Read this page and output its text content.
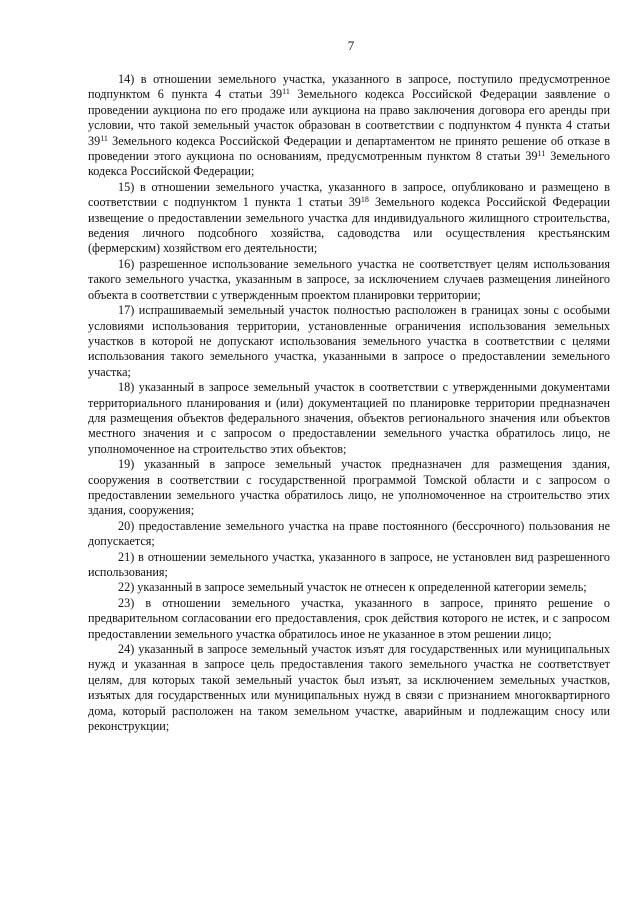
7

14) в отношении земельного участка, указанного в запросе, поступило предусмотренное подпунктом 6 пункта 4 статьи $39^{11}$ Земельного кодекса Российской Федерации заявление о проведении аукциона по его продаже или аукциона на право заключения договора его аренды при условии, что такой земельный участок образован в соответствии с подпунктом 4 пункта 4 статьи $39^{11}$ Земельного кодекса Российской Федерации и департаментом не принято решение об отказе в проведении этого аукциона по основаниям, предусмотренным пунктом 8 статьи $39^{11}$ Земельного кодекса Российской Федерации;

15) в отношении земельного участка, указанного в запросе, опубликовано и размещено в соответствии с подпунктом 1 пункта 1 статьи $39^{18}$ Земельного кодекса Российской Федерации извещение о предоставлении земельного участка для индивидуального жилищного строительства, ведения личного подсобного хозяйства, садоводства или осуществления крестьянским (фермерским) хозяйством его деятельности;

16) разрешенное использование земельного участка не соответствует целям использования такого земельного участка, указанным в запросе, за исключением случаев размещения линейного объекта в соответствии с утвержденным проектом планировки территории;

17) испрашиваемый земельный участок полностью расположен в границах зоны с особыми условиями использования территории, установленные ограничения использования земельных участков в которой не допускают использования земельного участка в соответствии с целями использования такого земельного участка, указанными в запросе о предоставлении земельного участка;

18) указанный в запросе земельный участок в соответствии с утвержденными документами территориального планирования и (или) документацией по планировке территории предназначен для размещения объектов федерального значения, объектов регионального значения или объектов местного значения и с запросом о предоставлении земельного участка обратилось лицо, не уполномоченное на строительство этих объектов;

19) указанный в запросе земельный участок предназначен для размещения здания, сооружения в соответствии с государственной программой Томской области и с запросом о предоставлении земельного участка обратилось лицо, не уполномоченное на строительство этих здания, сооружения;

20) предоставление земельного участка на праве постоянного (бессрочного) пользования не допускается;

21) в отношении земельного участка, указанного в запросе, не установлен вид разрешенного использования;

22) указанный в запросе земельный участок не отнесен к определенной категории земель;

23) в отношении земельного участка, указанного в запросе, принято решение о предварительном согласовании его предоставления, срок действия которого не истек, и с запросом предоставлении земельного участка обратилось иное не указанное в этом решении лицо;

24) указанный в запросе земельный участок изъят для государственных или муниципальных нужд и указанная в запросе цель предоставления такого земельного участка не соответствует целям, для которых такой земельный участок был изъят, за исключением земельных участков, изъятых для государственных или муниципальных нужд в связи с признанием многоквартирного дома, который расположен на таком земельном участке, аварийным и подлежащим сносу или реконструкции;
